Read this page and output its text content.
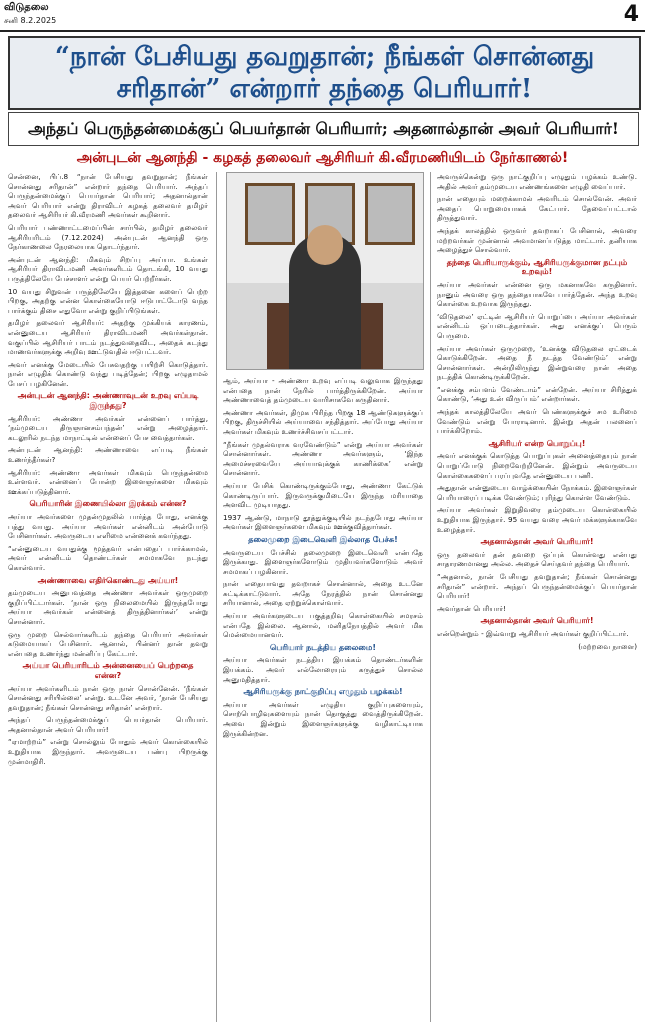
விடுதலை
சனி 8.2.2025	4
“நான் பேசியது தவறுதான்; நீங்கள் சொன்னது
சரிதான்” என்றார் தந்தை பெரியார்!
அந்தப் பெருந்தன்மைக்குப் பெயர்தான் பெரியார்; அதனால்தான் அவர் பெரியார்!
அன்புடன் ஆனந்தி - கழகத் தலைவர் ஆசிரியர் கி.வீரமணியிடம் நேர்காணல்!

சென்னை, பிப்.8 “நான் பேசியது தவறுதான்; நீங்கள் சொன்னது சரிதான்” என்றார் தந்தை பெரியார். அந்தப் பெருந்தன்மைக்குப் பெயர்தான் பெரியார்; அதனால்தான் அவர் பெரியார் என்று திராவிடர் கழகத் தலைவர் தமிழர் தலைவர் ஆசிரியர் கி.வீரமணி அவர்கள் கூறினார்.

பெரியார் பண்ணாட்டமைப்பின் சார்பில், தமிழர் தலைவர் ஆசிரியரிடம் (7.12.2024) அன்புடன் ஆனந்தி ஒரு நேர்காணலை நேரலையாக தொடர்ந்தார்.

அன்புடன் ஆனந்தி: மிகவும் சிறப்பு அய்யா. உங்கள் ஆசிரியர் திராவிடமணி அவர்களிடம் தொடங்கி, 10 வயது பருத்திலேயே பேச்சாளர் என்று பெயர் பெற்றீர்கள்.

10 வயது சிறுவன் பருத்திலேயே இத்தனை களைப் பெற்ற பிறகு, அதற்கு என்ன கொள்கையோடு ஈடுபாட்டோடு வந்த பார்க்கும் திசை எதுவோ என்று குறிப்பிடுங்கள்.

தமிழர் தலைவர் ஆசிரியர்: அதற்கு முக்கியக் காரணம், என்னுடைய ஆசிரியர் திராவிடமணி அவர்கள்தான். வகுப்பில் ஆசிரியர் பாடம் நடத்துவதைவிட, அதைக் கடந்து மாணவர்களுக்கு அறிவு ஊட்டுவதில் ஈடுபட்டவர்.

அவர் எனக்கு மேடையில் பேசுவதற்கு பயிற்சி கொடுத்தார். நான் எழுதிக் கொண்டு வந்து படித்தேன்; பிறகு எழுதாமல் பேசப் பழகினேன்.

அன்புடன் ஆனந்தி: அண்ணாவுடன் உறவு எப்படி இருந்தது?

ஆசிரியர்: அண்ணா அவர்கள் என்னைப் பார்த்து, ‘நம்முடைய திருஞானசம்பந்தன்’ என்று அழைத்தார். கடலூரில் நடந்த மாநாட்டில் என்னைப் பேச வைத்தார்கள்.

அன்புடன் ஆனந்தி: அண்ணாவை எப்படி நீங்கள் உணர்ந்தீர்கள்?

ஆசிரியர்: அண்ணா அவர்கள் மிகவும் பெருந்தன்மை உள்ளவர். என்னைப் போன்ற இளைஞர்களை மிகவும் ஊக்கப்படுத்தினார்.

பெரியாரின் இணையில்லா இரக்கம் என்ன?

அய்யா அவர்களை முதன்முதலில் பார்த்த போது, எனக்கு பத்து வயது. அய்யா அவர்கள் என்னிடம் அன்போடு பேசினார்கள். அவருடைய எளிமை என்னைக் கவர்ந்தது.

“என்னுடைய வயதுக்கு மூத்தவர் என்பதைப் பார்க்காமல், அவர் என்னிடம் தொண்டர்கள் சமமாகவே நடந்து கொள்வார்.

அண்ணாவை எதிர்கொண்டது அய்யா!

தம்முடைய அனுபவத்தை அண்ணா அவர்கள் ஒருமுறை குறிப்பிட்டார்கள். ‘நான் ஒரு நிலைமையில் இருந்தபோது அய்யா அவர்கள் என்னைத் திருத்தினார்கள்’ என்று சொன்னார்.

ஒரு முறை செல்வார்களிடம் தந்தை பெரியார் அவர்கள் கடுமையாகப் பேசினார். ஆனால், பின்னர் தான் தவறு என்பதை உணர்ந்து மன்னிப்பு கேட்டார்.

அய்யா பெரியாரிடம் அன்னையைப் பெற்றதை என்ன?

அய்யா அவர்களிடம் நான் ஒரு நாள் சொன்னேன். ‘நீங்கள் சொன்னது சரியில்லை’ என்று. உடனே அவர், ‘நான் பேசியது தவறுதான்; நீங்கள் சொன்னது சரிதான்’ என்றார்.

அந்தப் பெருந்தன்மைக்குப் பெயர்தான் பெரியார். அதனால்தான் அவர் பெரியார்!

“ஏமாற்றம்” என்று சொல்லும் போதும் அவர் கொள்கையில் உறுதியாக இருந்தார். அவருடைய பண்பு பிறருக்கு முன்மாதிரி.

ஆம், அய்யா - அண்ணா உறவு எப்படி வலுவாக இருந்தது என்பதை நான் நேரில் பார்த்திருக்கிறேன். அய்யா அண்ணாவைத் தம்முடைய வாரிசாகவே கருதினார்.

அண்ணா அவர்கள், திமுக பிரிந்த பிறகு 18 ஆண்டுகளுக்குப் பிறகு, திருச்சியில் அய்யாவை சந்தித்தார். அப்போது அய்யா அவர்கள் மிகவும் உணர்ச்சிவசப்பட்டார்.

“நீங்கள் முதல்வராக வரவேண்டும்” என்று அய்யா அவர்கள் சொன்னார்கள். அண்ணா அவர்களும், ‘இந்த அமைச்சரவையே அய்யாவுக்குக் காணிக்கை’ என்று சொன்னார்.

அய்யா பேசிக் கொண்டிருக்கும்போது, அண்ணா கேட்டுக் கொண்டிருப்பார். இருவருக்குமிடையே இருந்த மரியாதை அளவிட முடியாதது.

1937 ஆண்டு, மாநாடு தூத்துக்குடியில் நடந்தபோது அய்யா அவர்கள் இளைஞர்களை மிகவும் ஊக்குவித்தார்கள்.

தலைமுறை இடைவெளி இல்லாத பேச்சு!

அவருடைய பேச்சில் தலைமுறை இடைவெளி என்பதே இருக்காது. இளைஞர்களோடும் முதியவர்களோடும் அவர் சமமாகப் பழகினார்.

நான் எதையாவது தவறாகச் சொன்னால், அதை உடனே சுட்டிக்காட்டுவார். அதே நேரத்தில் நான் சொன்னது சரியானால், அதை ஏற்றுக்கொள்வார்.

அய்யா அவர்களுடைய பகுத்தறிவு கொள்கையில் சமரசம் என்பதே இல்லை. ஆனால், மனிதநேயத்தில் அவர் மிக மென்மையானவர்.

பெரியார் நடத்திய தலைமை!

அய்யா அவர்கள் நடத்திய இயக்கம் தொண்டர்களின் இயக்கம். அவர் எல்லோரையும் கருத்துச் சொல்ல அனுமதித்தார்.

ஆசிரியருக்கு நாட்குறிப்பு எழுதும் பழக்கம்!

அய்யா அவர்கள் எழுதிய குறிப்புகளையும், சொற்பொழிவுகளையும் நான் தொகுத்து வைத்திருக்கிறேன். அவை இன்றும் இளைஞர்களுக்கு வழிகாட்டியாக இருக்கின்றன.

அவருக்கென்று ஒரு நாட்குறிப்பு எழுதும் பழக்கம் உண்டு. அதில் அவர் தம்முடைய எண்ணங்களை எழுதி வைப்பார்.

நான் எதையும் மறைக்காமல் அவரிடம் சொல்வேன். அவர் அதைப் பொறுமையாகக் கேட்பார். தேவைப்பட்டால் திருத்துவார்.

அந்தக் காலத்தில் ஒருவர் தவறாகப் பேசினால், அவரை மற்றவர்கள் முன்னால் அவமானப்படுத்த மாட்டார். தனியாக அழைத்துச் சொல்வார்.

தந்தை பெரியாருக்கும், ஆசிரியருக்குமான நட்பும் உறவும்!

அய்யா அவர்கள் என்னை ஒரு மகனாகவே கருதினார். நானும் அவரை ஒரு தந்தையாகவே பார்த்தேன். அந்த உறவு கொள்கை உறவாக இருந்தது.

‘விடுதலை’ ஏட்டின் ஆசிரியர் பொறுப்பை அய்யா அவர்கள் என்னிடம் ஒப்படைத்தார்கள். அது எனக்குப் பெரும் பெருமை.

அய்யா அவர்கள் ஒருமுறை, ‘உனக்கு விடுதலை ஏட்டைக் கொடுக்கிறேன். அதை நீ நடத்த வேண்டும்’ என்று சொன்னார்கள். அன்றிலிருந்து இன்றுவரை நான் அதை நடத்திக் கொண்டிருக்கிறேன்.

“எனக்கு சம்பளம் வேண்டாம்” என்றேன். அய்யா சிரித்துக் கொண்டு, ‘அது உன் விருப்பம்’ என்றார்கள்.

அந்தக் காலத்திலேயே அவர் பெண்களுக்குச் சம உரிமை வேண்டும் என்று போராடினார். இன்று அதன் பலனைப் பார்க்கிறோம்.

ஆசிரியர் என்ற பொறுப்பு!

அவர் எனக்குக் கொடுத்த பொறுப்புகள் அனைத்தையும் நான் பொறுப்போடு நிறைவேற்றினேன். இன்றும் அவருடைய கொள்கைகளைப் பரப்புவதே என்னுடைய பணி.

அதுதான் என்னுடைய வாழ்க்கையின் நோக்கம். இளைஞர்கள் பெரியாரைப் படிக்க வேண்டும்; புரிந்து கொள்ள வேண்டும்.

அய்யா அவர்கள் இறுதிவரை தம்முடைய கொள்கையில் உறுதியாக இருந்தார். 95 வயது வரை அவர் மக்களுக்காகவே உழைத்தார்.

அதனால்தான் அவர் பெரியார்!

ஒரு தலைவர் தன் தவறை ஒப்புக் கொள்வது என்பது சாதாரணமானது அல்ல. அதைச் செய்தவர் தந்தை பெரியார்.

“அதனால், நான் பேசியது தவறுதான்; நீங்கள் சொன்னது சரிதான்” என்றார். அந்தப் பெருந்தன்மைக்குப் பெயர்தான் பெரியார்!

அவர்தான் பெரியார்!

அதனால்தான் அவர் பெரியார்!

என்றென்றும் - இவ்வாறு ஆசிரியர் அவர்கள் குறிப்பிட்டார்.

(மற்றவை நாளை)
